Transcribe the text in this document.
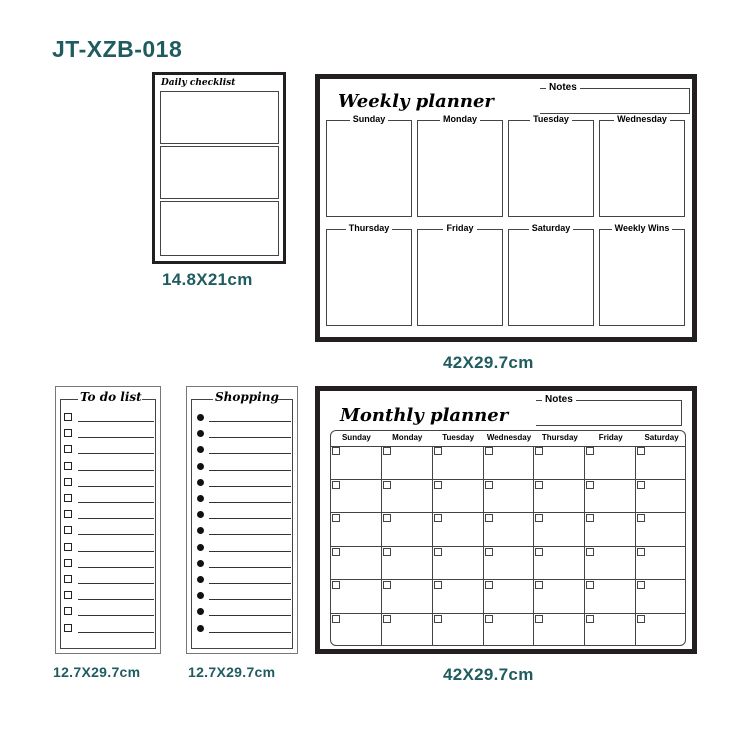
JT-XZB-018
Daily checklist
14.8X21cm
Weekly planner
Notes
Sunday	Monday	Tuesday	Wednesday
Thursday	Friday	Saturday	Weekly Wins
42X29.7cm
To do list
12.7X29.7cm
Shopping
12.7X29.7cm
Monthly planner
Notes
Sunday	Monday	Tuesday	Wednesday	Thursday	Friday	Saturday
42X29.7cm
